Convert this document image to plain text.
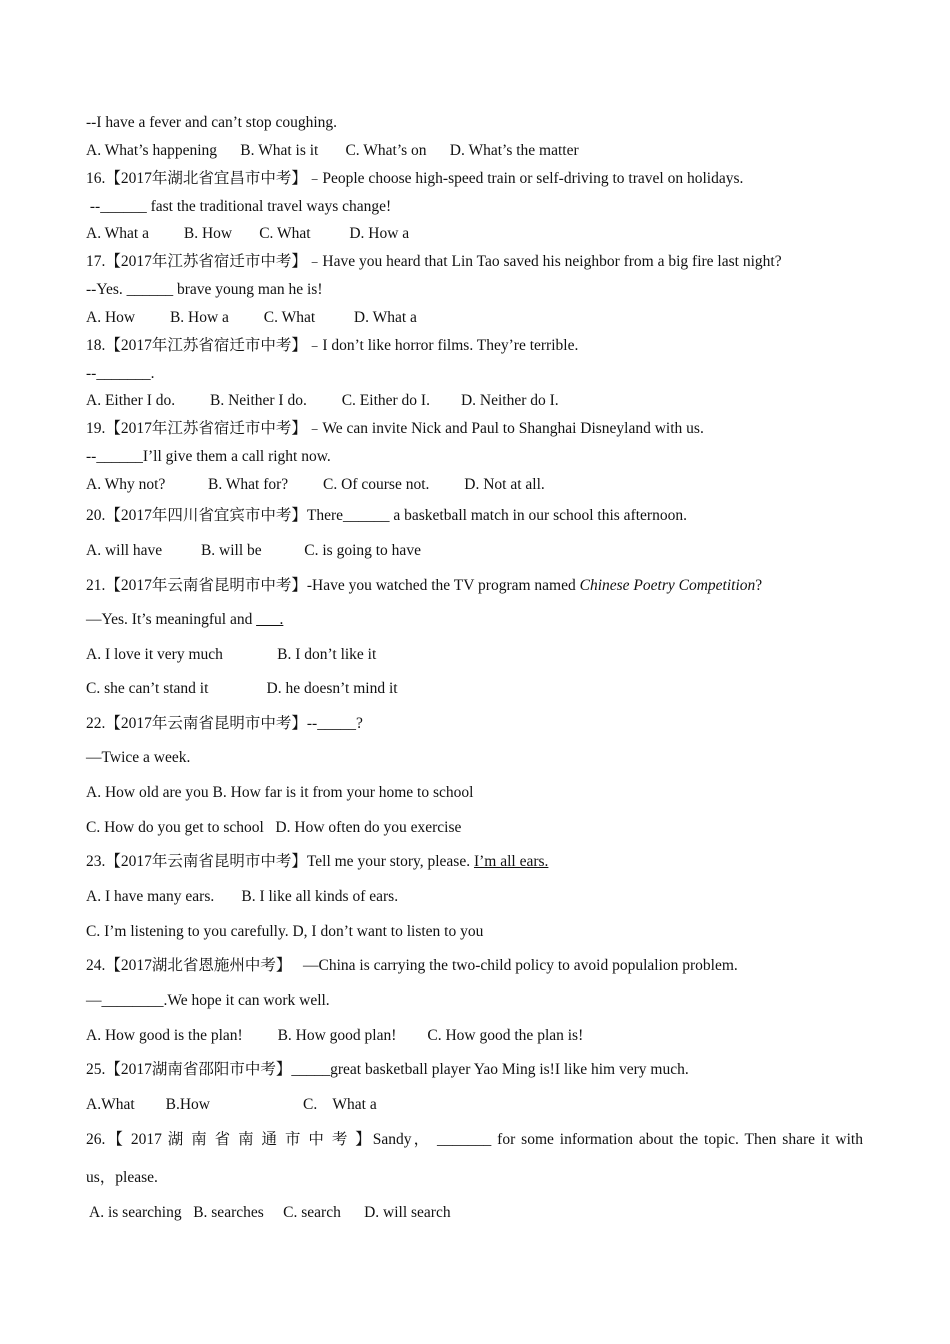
--I have a fever and can’t stop coughing.
A. What’s happening      B. What is it       C. What’s on      D. What’s the matter
16.【2017年湖北省宜昌市中考】﹣People choose high-speed train or self-driving to travel on holidays.
--______ fast the traditional travel ways change!
A. What a         B. How       C. What          D. How a
17.【2017年江苏省宿迁市中考】﹣Have you heard that Lin Tao saved his neighbor from a big fire last night?
--Yes. ______ brave young man he is!
A. How         B. How a         C. What          D. What a
18.【2017年江苏省宿迁市中考】﹣I don’t like horror films. They’re terrible.
--_______.
A. Either I do.         B. Neither I do.         C. Either do I.        D. Neither do I.
19.【2017年江苏省宿迁市中考】﹣We can invite Nick and Paul to Shanghai Disneyland with us.
--______I’ll give them a call right now.
A. Why not?           B. What for?         C. Of course not.         D. Not at all.
20.【2017年四川省宜宾市中考】There______ a basketball match in our school this afternoon.
A. will have          B. will be           C. is going to have
21.【2017年云南省昆明市中考】-Have you watched the TV program named Chinese Poetry Competition?
—Yes. It’s meaningful and ___.
A. I love it very much              B. I don’t like it
C. she can’t stand it               D. he doesn’t mind it
22.【2017年云南省昆明市中考】--_____?
—Twice a week.
A. How old are you B. How far is it from your home to school
C. How do you get to school   D. How often do you exercise
23.【2017年云南省昆明市中考】Tell me your story, please. I’m all ears.
A. I have many ears.       B. I like all kinds of ears.
C. I’m listening to you carefully. D, I don’t want to listen to you
24.【2017湖北省恩施州中考】   —China is carrying the two-child policy to avoid populalion problem.
—________.We hope it can work well.
A. How good is the plan!         B. How good plan!        C. How good the plan is!
25.【2017湖南省邵阳市中考】_____great basketball player Yao Ming is!I like him very much.
A.What        B.How                        C.    What a
26.【 2017 湖 南 省 南 通 市 中 考 】Sandy， _______ for some information about the topic. Then share it with
us，please.
A. is searching   B. searches     C. search      D. will search
